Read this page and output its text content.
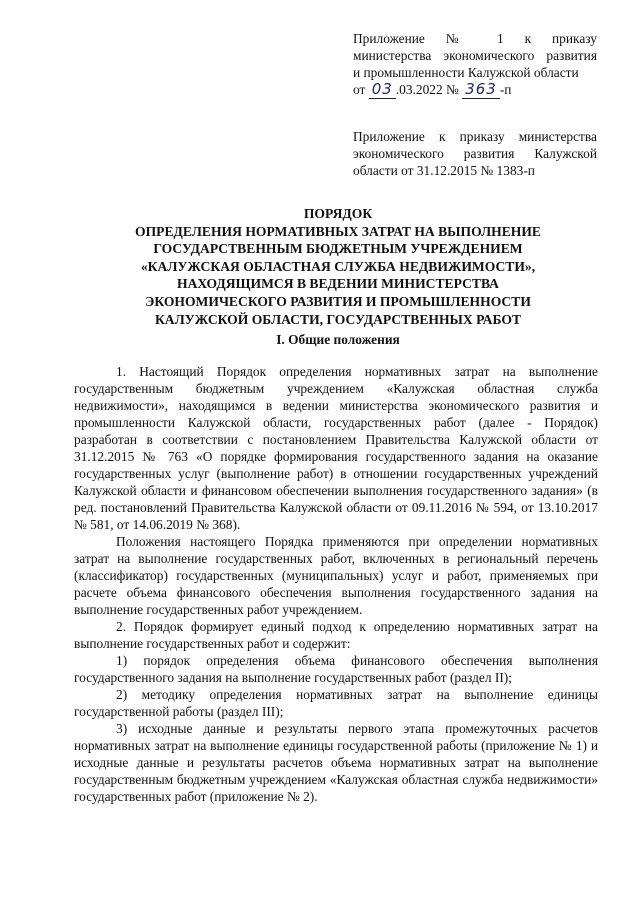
Приложение № 1 к приказу
министерства экономического развития
и промышленности Калужской области
от 03 .03.2022 № 363 -п
Приложение к приказу министерства экономического развития Калужской области от 31.12.2015 № 1383-п
ПОРЯДОК
ОПРЕДЕЛЕНИЯ НОРМАТИВНЫХ ЗАТРАТ НА ВЫПОЛНЕНИЕ
ГОСУДАРСТВЕННЫМ БЮДЖЕТНЫМ УЧРЕЖДЕНИЕМ
«КАЛУЖСКАЯ ОБЛАСТНАЯ СЛУЖБА НЕДВИЖИМОСТИ»,
НАХОДЯЩИМСЯ В ВЕДЕНИИ МИНИСТЕРСТВА
ЭКОНОМИЧЕСКОГО РАЗВИТИЯ И ПРОМЫШЛЕННОСТИ
КАЛУЖСКОЙ ОБЛАСТИ, ГОСУДАРСТВЕННЫХ РАБОТ
I. Общие положения

1. Настоящий Порядок определения нормативных затрат на выполнение государственным бюджетным учреждением «Калужская областная служба недвижимости», находящимся в ведении министерства экономического развития и промышленности Калужской области, государственных работ (далее - Порядок) разработан в соответствии с постановлением Правительства Калужской области от 31.12.2015 № 763 «О порядке формирования государственного задания на оказание государственных услуг (выполнение работ) в отношении государственных учреждений Калужской области и финансовом обеспечении выполнения государственного задания» (в ред. постановлений Правительства Калужской области от 09.11.2016 № 594, от 13.10.2017 № 581, от 14.06.2019 № 368).

Положения настоящего Порядка применяются при определении нормативных затрат на выполнение государственных работ, включенных в региональный перечень (классификатор) государственных (муниципальных) услуг и работ, применяемых при расчете объема финансового обеспечения выполнения государственного задания на выполнение государственных работ учреждением.

2. Порядок формирует единый подход к определению нормативных затрат на выполнение государственных работ и содержит:

1) порядок определения объема финансового обеспечения выполнения государственного задания на выполнение государственных работ (раздел II);

2) методику определения нормативных затрат на выполнение единицы государственной работы (раздел III);

3) исходные данные и результаты первого этапа промежуточных расчетов нормативных затрат на выполнение единицы государственной работы (приложение № 1) и исходные данные и результаты расчетов объема нормативных затрат на выполнение государственным бюджетным учреждением «Калужская областная служба недвижимости» государственных работ (приложение № 2).
